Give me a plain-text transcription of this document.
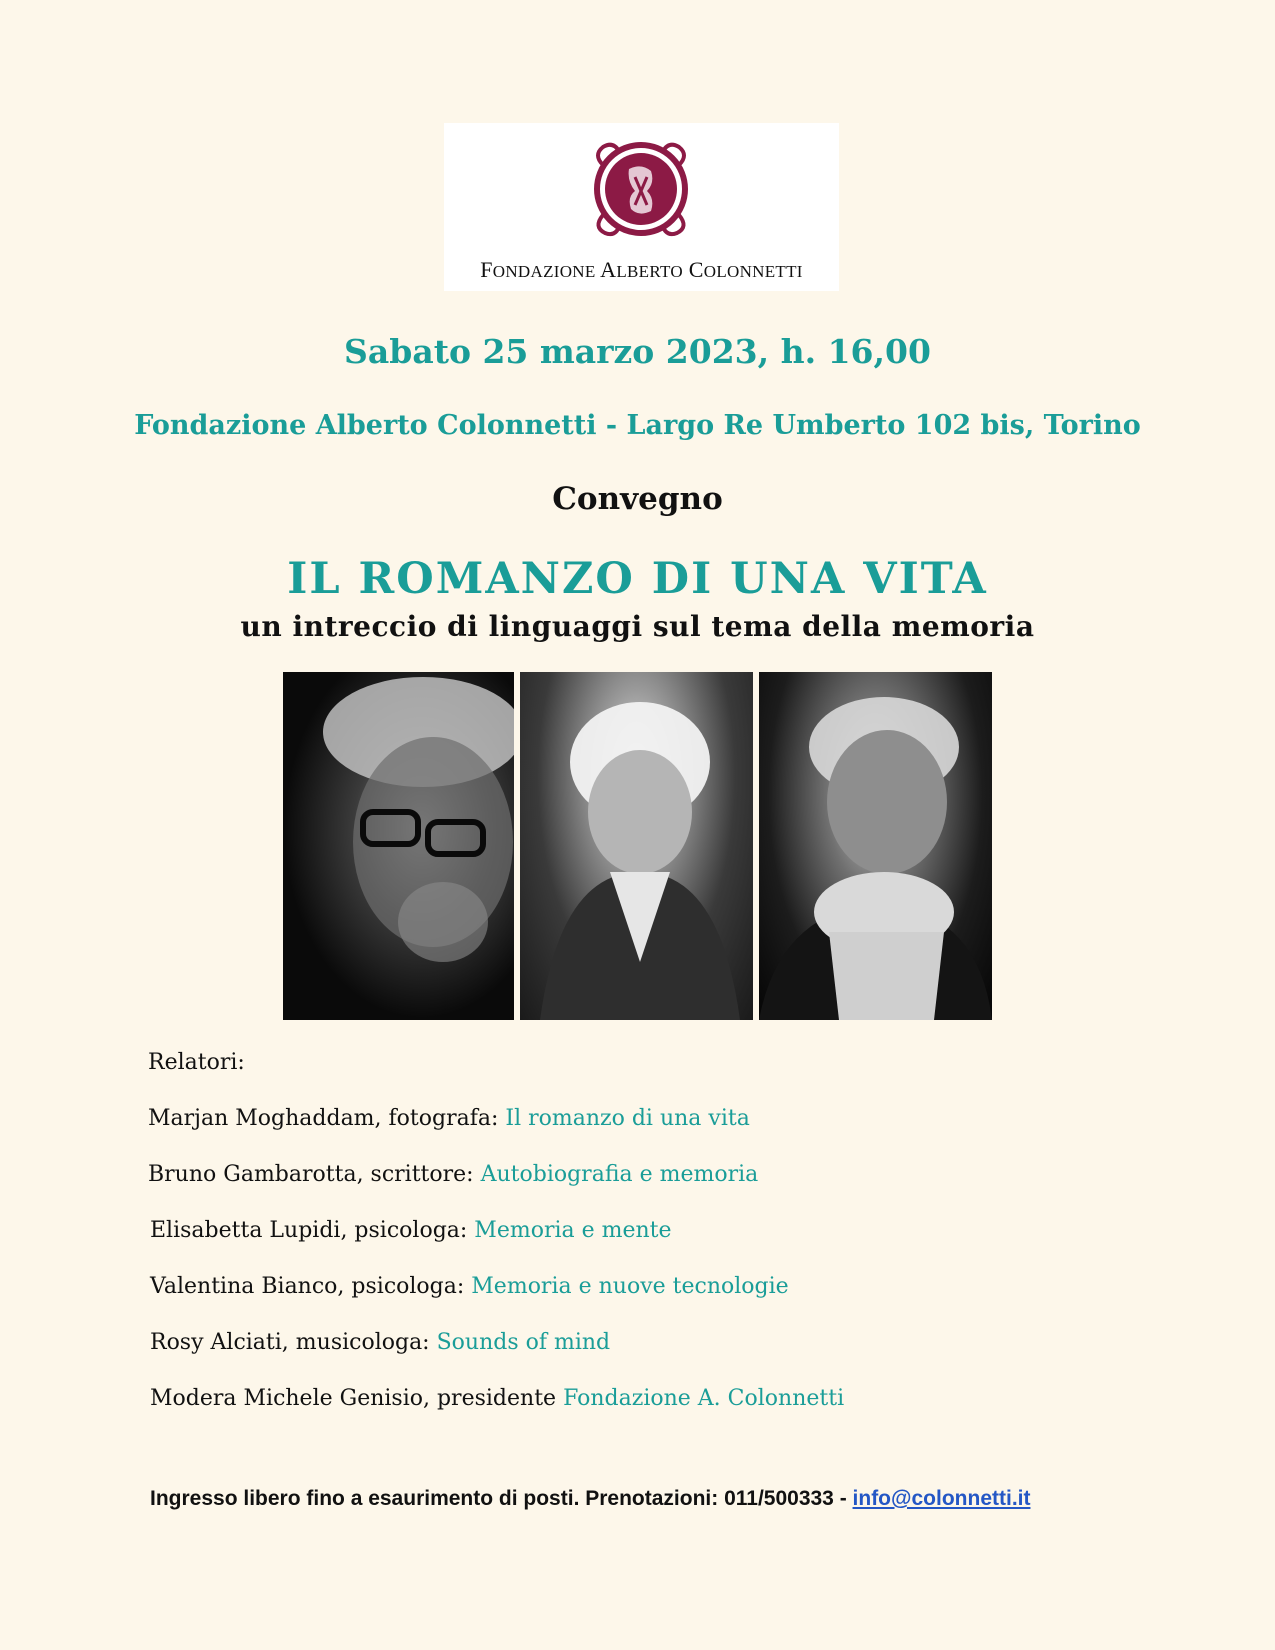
FONDAZIONE ALBERTO COLONNETTI
Sabato 25 marzo 2023, h. 16,00
Fondazione Alberto Colonnetti - Largo Re Umberto 102 bis, Torino
Convegno
IL ROMANZO DI UNA VITA
un intreccio di linguaggi sul tema della memoria
Relatori:
Marjan Moghaddam, fotografa: Il romanzo di una vita
Bruno Gambarotta, scrittore: Autobiografia e memoria
Elisabetta Lupidi, psicologa: Memoria e mente
Valentina Bianco, psicologa: Memoria e nuove tecnologie
Rosy Alciati, musicologa: Sounds of mind
Modera Michele Genisio, presidente Fondazione A. Colonnetti
Ingresso libero fino a esaurimento di posti. Prenotazioni: 011/500333 - info@colonnetti.it
